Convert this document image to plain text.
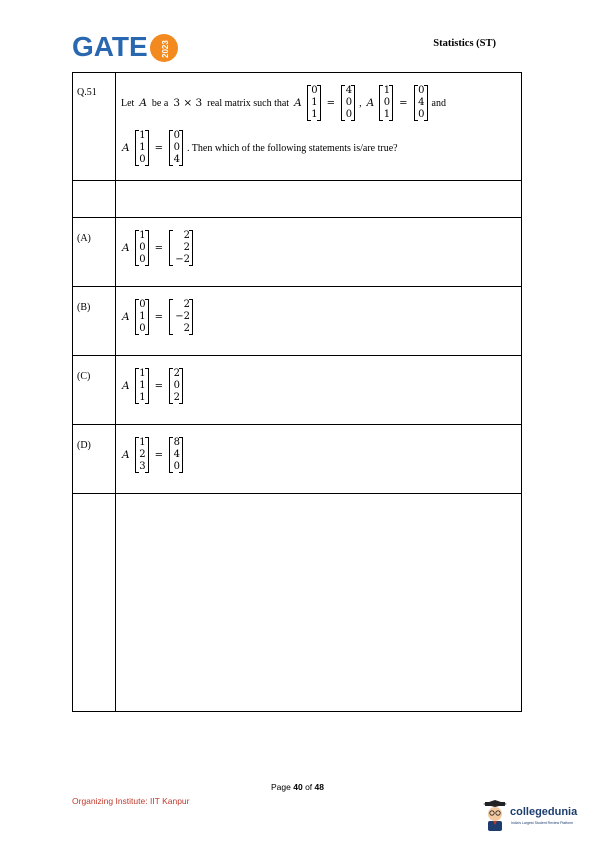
GATE 2023	Statistics (ST)
Q.51
Let A be a 3 × 3 real matrix such that A
0
1
1
=
4
0
0
, A
1
0
1
=
0
4
0
and
A
1
1
0
=
0
0
4
. Then which of the following statements is/are true?
(A)
A
1
0
0
=
2
2
−2
(B)
A
0
1
0
=
2
−2
2
(C)
A
1
1
1
=
2
0
2
(D)
A
1
2
3
=
8
4
0
Page 40 of 48
Organizing Institute: IIT Kanpur
collegedunia
India's Largest Student Review Platform
